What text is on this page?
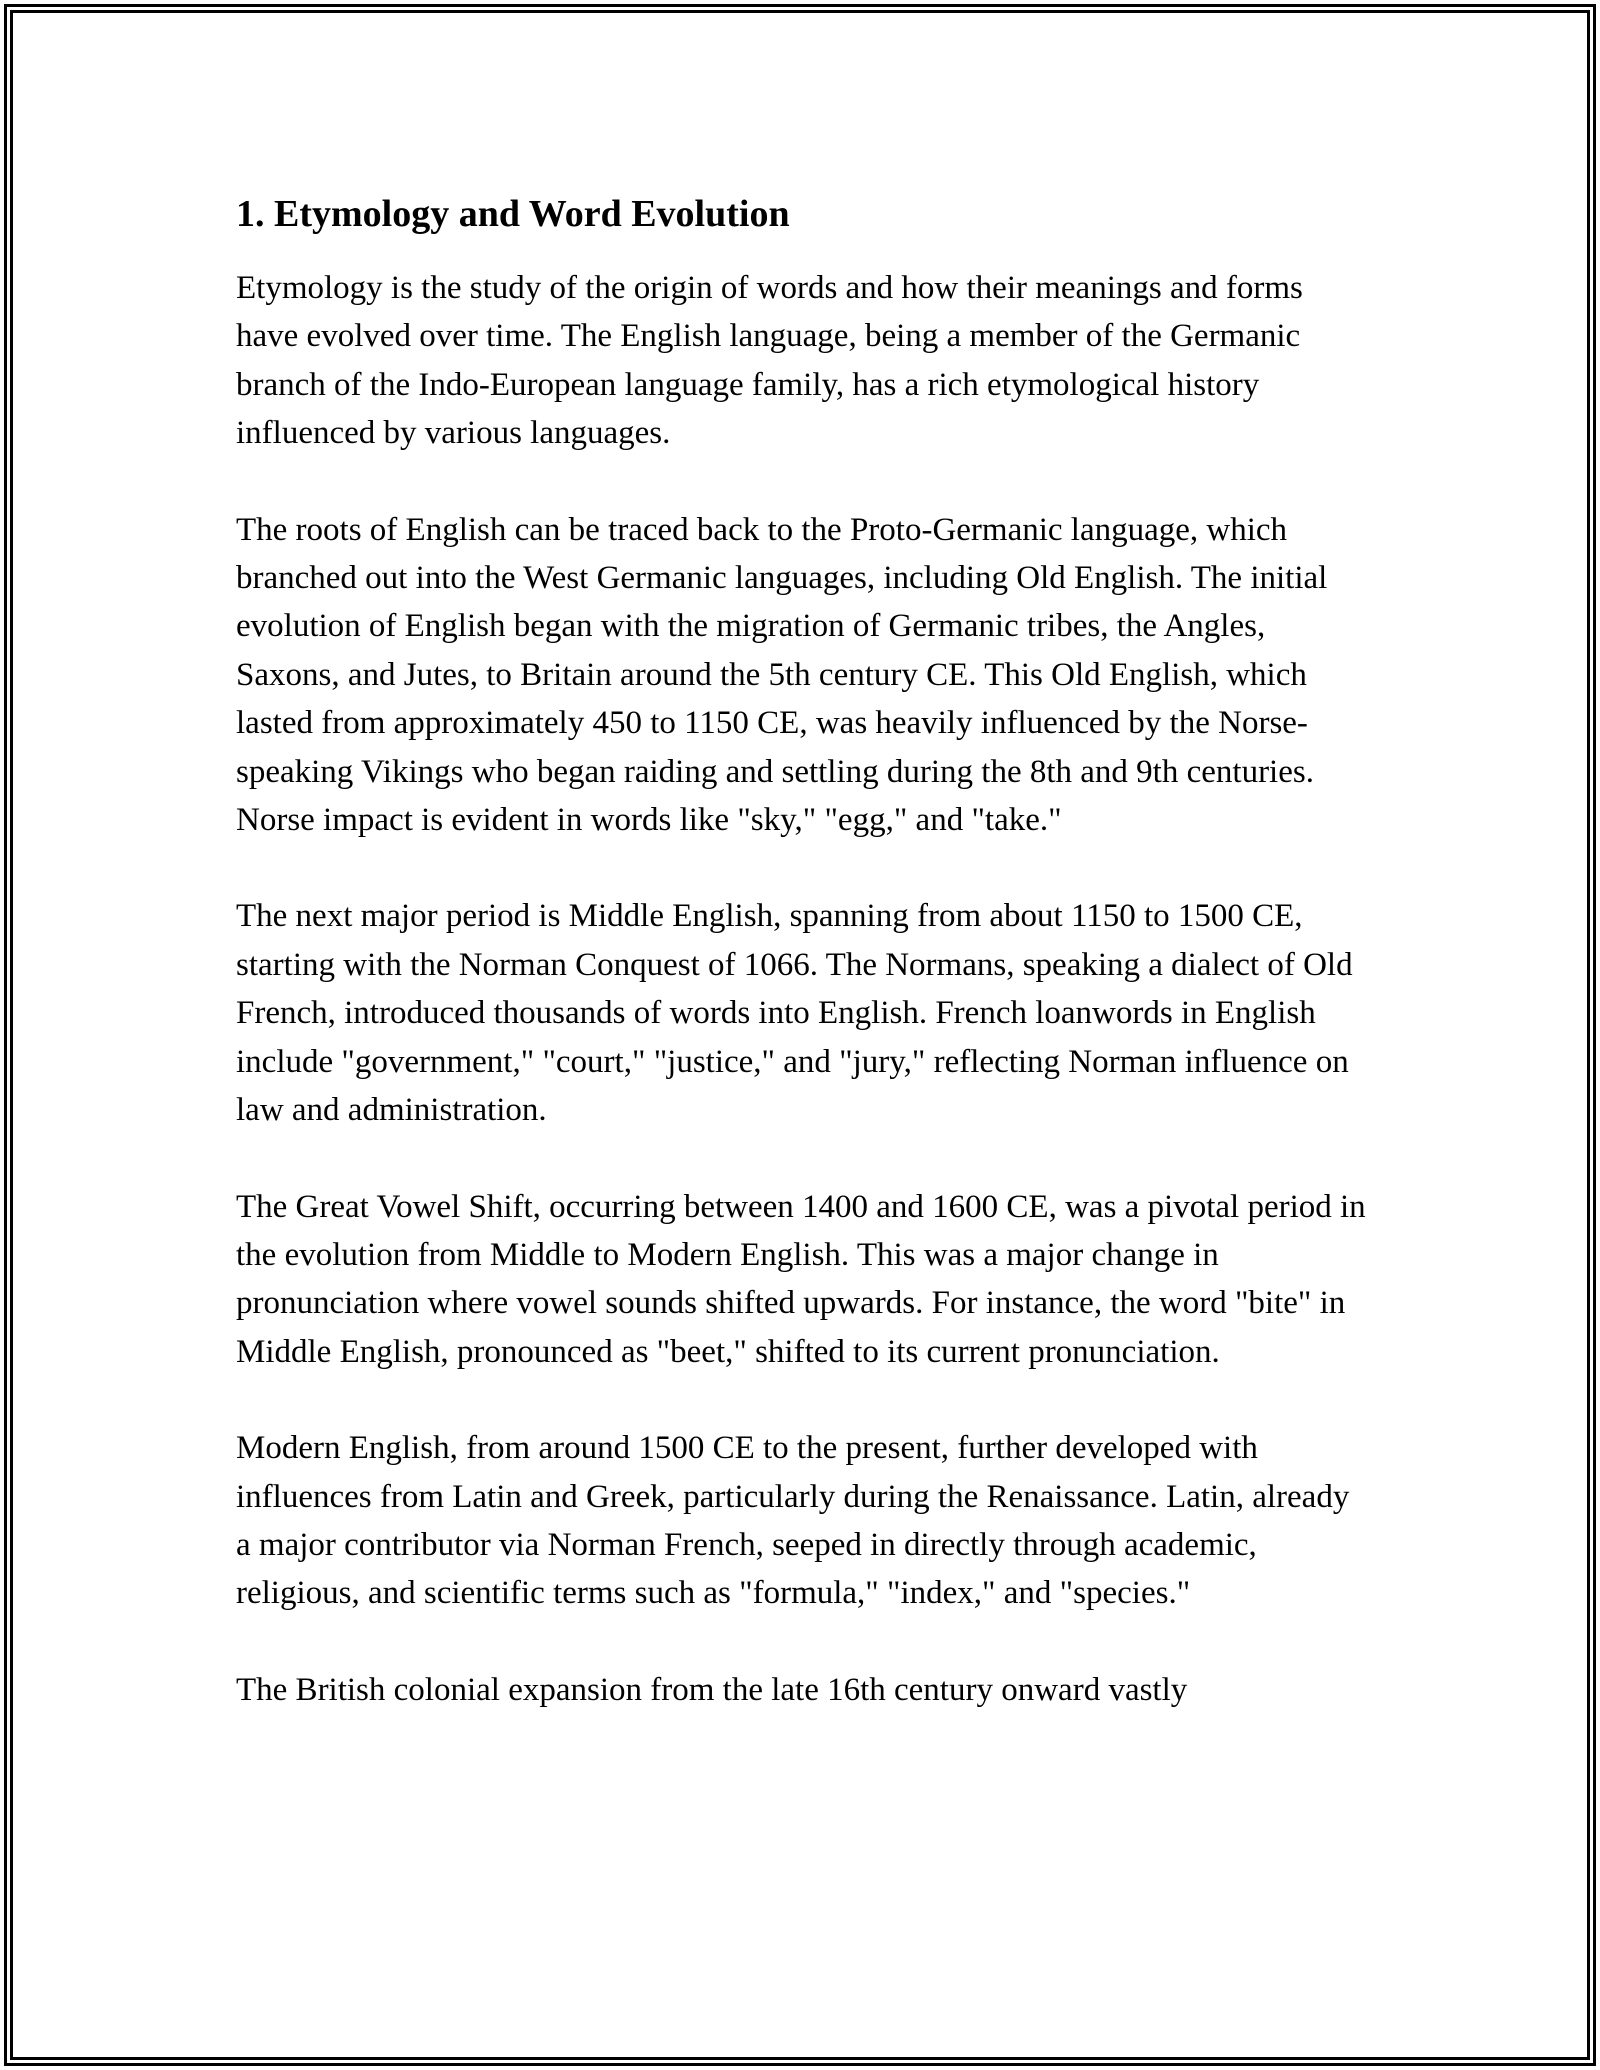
1. Etymology and Word Evolution

Etymology is the study of the origin of words and how their meanings and forms have evolved over time. The English language, being a member of the Germanic branch of the Indo-European language family, has a rich etymological history influenced by various languages.

The roots of English can be traced back to the Proto-Germanic language, which branched out into the West Germanic languages, including Old English. The initial evolution of English began with the migration of Germanic tribes, the Angles, Saxons, and Jutes, to Britain around the 5th century CE. This Old English, which lasted from approximately 450 to 1150 CE, was heavily influenced by the Norse-speaking Vikings who began raiding and settling during the 8th and 9th centuries. Norse impact is evident in words like "sky," "egg," and "take."

The next major period is Middle English, spanning from about 1150 to 1500 CE, starting with the Norman Conquest of 1066. The Normans, speaking a dialect of Old French, introduced thousands of words into English. French loanwords in English include "government," "court," "justice," and "jury," reflecting Norman influence on law and administration.

The Great Vowel Shift, occurring between 1400 and 1600 CE, was a pivotal period in the evolution from Middle to Modern English. This was a major change in pronunciation where vowel sounds shifted upwards. For instance, the word "bite" in Middle English, pronounced as "beet," shifted to its current pronunciation.

Modern English, from around 1500 CE to the present, further developed with influences from Latin and Greek, particularly during the Renaissance. Latin, already a major contributor via Norman French, seeped in directly through academic, religious, and scientific terms such as "formula," "index," and "species."

The British colonial expansion from the late 16th century onward vastly
